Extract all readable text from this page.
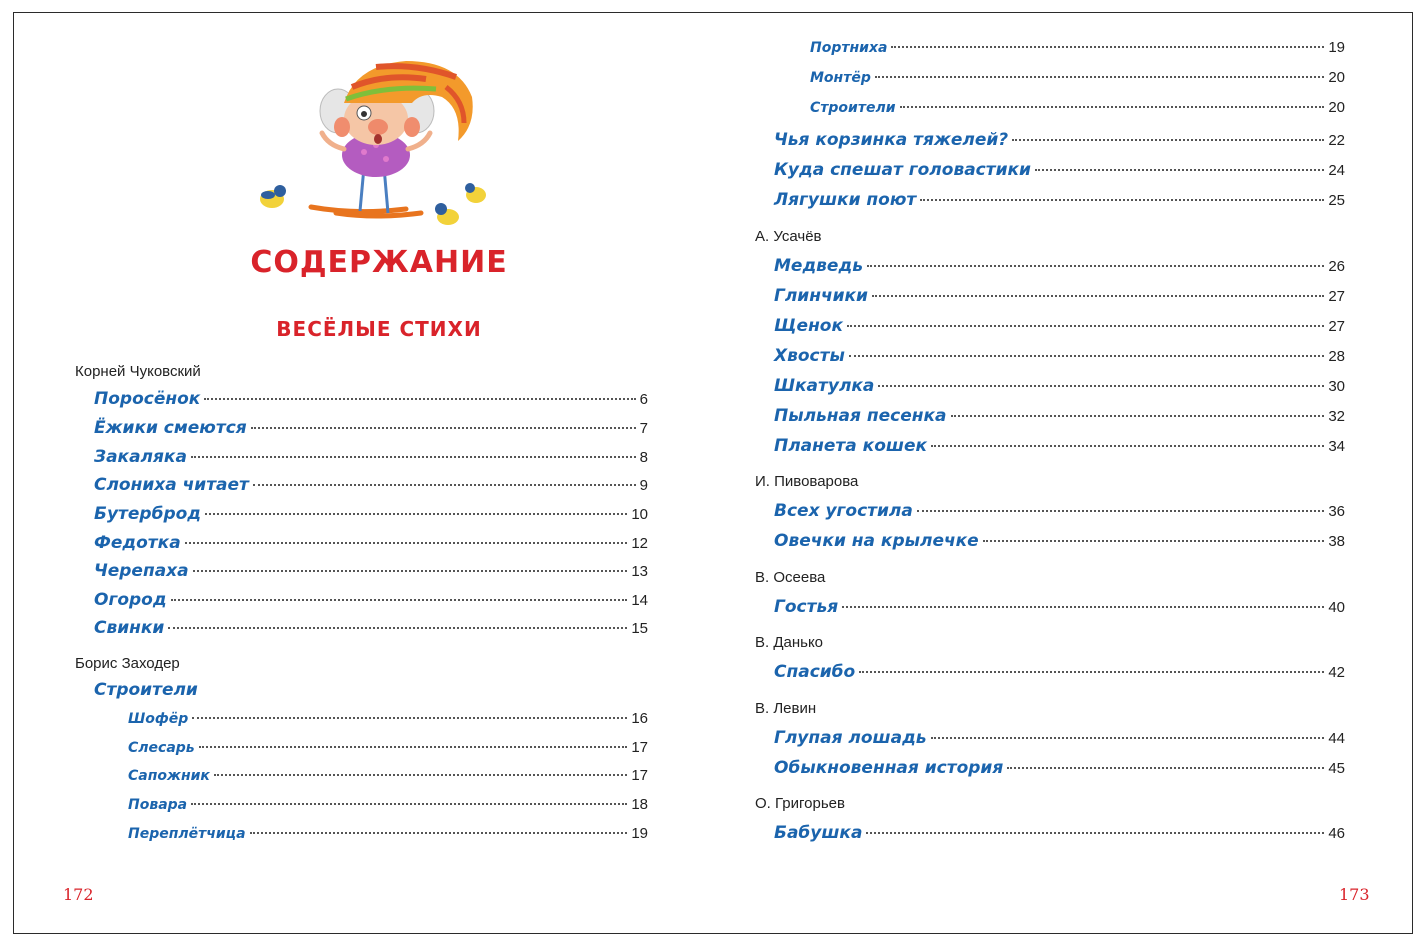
СОДЕРЖАНИЕ
ВЕСЁЛЫЕ СТИХИ
Корней Чуковский
Поросёнок	6
Ёжики смеются	7
Закаляка	8
Слониха читает	9
Бутерброд	10
Федотка	12
Черепаха	13
Огород	14
Свинки	15
Борис Заходер
Строители
Шофёр	16
Слесарь	17
Сапожник	17
Повара	18
Переплётчица	19
172
Портниха	19
Монтёр	20
Строители	20
Чья корзинка тяжелей?	22
Куда спешат головастики	24
Лягушки поют	25
А. Усачёв
Медведь	26
Глинчики	27
Щенок	27
Хвосты	28
Шкатулка	30
Пыльная песенка	32
Планета кошек	34
И. Пивоварова
Всех угостила	36
Овечки на крылечке	38
В. Осеева
Гостья	40
В. Данько
Спасибо	42
В. Левин
Глупая лошадь	44
Обыкновенная история	45
О. Григорьев
Бабушка	46
173
